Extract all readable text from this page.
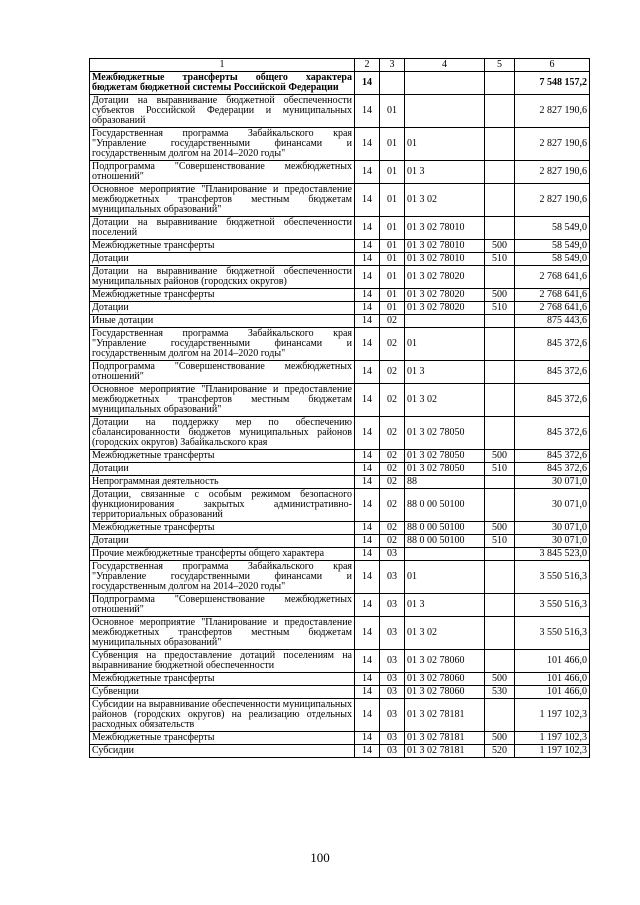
1	2	3	4	5	6
Межбюджетные трансферты общего характера бюджетам бюджетной системы Российской Федерации	14				7 548 157,2
Дотации на выравнивание бюджетной обеспеченности субъектов Российской Федерации и муниципальных образований	14	01			2 827 190,6
Государственная программа Забайкальского края "Управление государственными финансами и государственным долгом на 2014–2020 годы"	14	01	01		2 827 190,6
Подпрограмма "Совершенствование межбюджетных отношений"	14	01	01 3		2 827 190,6
Основное мероприятие "Планирование и предоставление межбюджетных трансфертов местным бюджетам муниципальных образований"	14	01	01 3 02		2 827 190,6
Дотации на выравнивание бюджетной обеспеченности поселений	14	01	01 3 02 78010		58 549,0
Межбюджетные трансферты	14	01	01 3 02 78010	500	58 549,0
Дотации	14	01	01 3 02 78010	510	58 549,0
Дотации на выравнивание бюджетной обеспеченности муниципальных районов (городских округов)	14	01	01 3 02 78020		2 768 641,6
Межбюджетные трансферты	14	01	01 3 02 78020	500	2 768 641,6
Дотации	14	01	01 3 02 78020	510	2 768 641,6
Иные дотации	14	02			875 443,6
Государственная программа Забайкальского края "Управление государственными финансами и государственным долгом на 2014–2020 годы"	14	02	01		845 372,6
Подпрограмма "Совершенствование межбюджетных отношений"	14	02	01 3		845 372,6
Основное мероприятие "Планирование и предоставление межбюджетных трансфертов местным бюджетам муниципальных образований"	14	02	01 3 02		845 372,6
Дотации на поддержку мер по обеспечению сбалансированности бюджетов муниципальных районов (городских округов) Забайкальского края	14	02	01 3 02 78050		845 372,6
Межбюджетные трансферты	14	02	01 3 02 78050	500	845 372,6
Дотации	14	02	01 3 02 78050	510	845 372,6
Непрограммная деятельность	14	02	88		30 071,0
Дотации, связанные с особым режимом безопасного функционирования закрытых административно-территориальных образований	14	02	88 0 00 50100		30 071,0
Межбюджетные трансферты	14	02	88 0 00 50100	500	30 071,0
Дотации	14	02	88 0 00 50100	510	30 071,0
Прочие межбюджетные трансферты общего характера	14	03			3 845 523,0
Государственная программа Забайкальского края "Управление государственными финансами и государственным долгом на 2014–2020 годы"	14	03	01		3 550 516,3
Подпрограмма "Совершенствование межбюджетных отношений"	14	03	01 3		3 550 516,3
Основное мероприятие "Планирование и предоставление межбюджетных трансфертов местным бюджетам муниципальных образований"	14	03	01 3 02		3 550 516,3
Субвенция на предоставление дотаций поселениям на выравнивание бюджетной обеспеченности	14	03	01 3 02 78060		101 466,0
Межбюджетные трансферты	14	03	01 3 02 78060	500	101 466,0
Субвенции	14	03	01 3 02 78060	530	101 466,0
Субсидии на выравнивание обеспеченности муниципальных районов (городских округов) на реализацию отдельных расходных обязательств	14	03	01 3 02 78181		1 197 102,3
Межбюджетные трансферты	14	03	01 3 02 78181	500	1 197 102,3
Субсидии	14	03	01 3 02 78181	520	1 197 102,3
100
